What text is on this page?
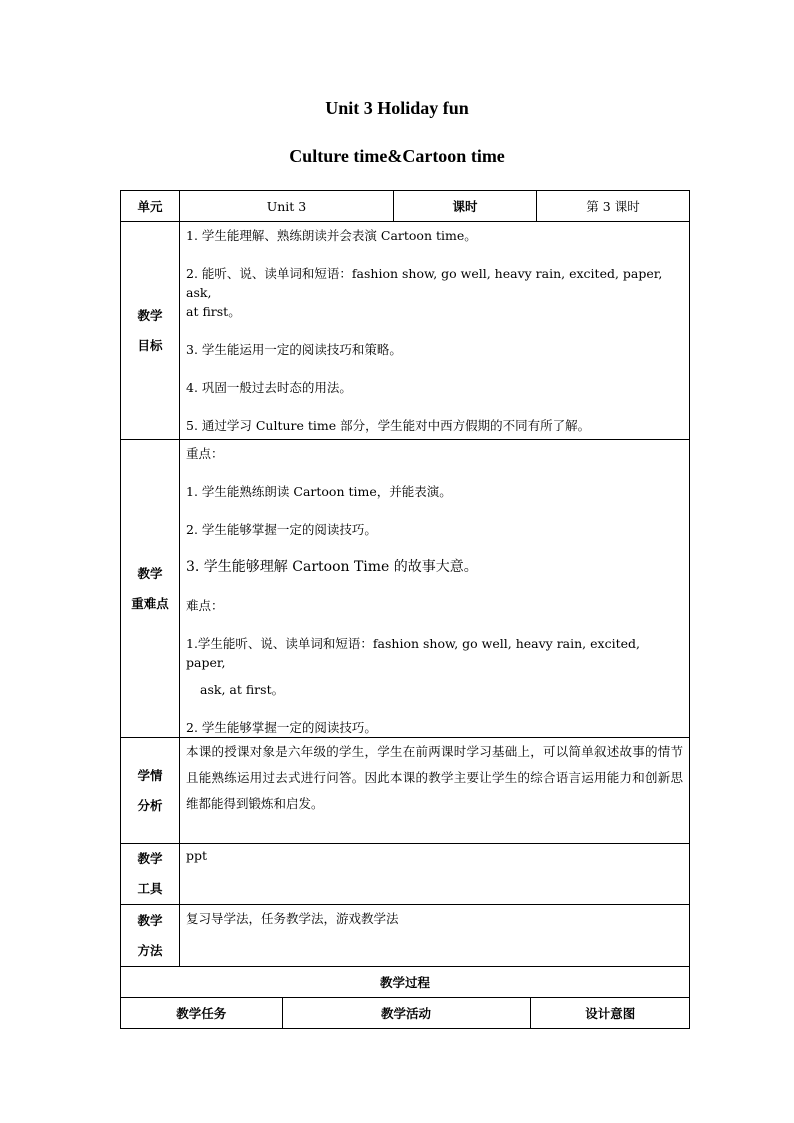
Unit 3 Holiday fun
Culture time&Cartoon time
单元	Unit 3	课时	第 3 课时

教学
目标

1. 学生能理解、熟练朗读并会表演 Cartoon time。
2. 能听、说、读单词和短语：fashion show, go well, heavy rain, excited, paper, ask,
at first。
3. 学生能运用一定的阅读技巧和策略。
4. 巩固一般过去时态的用法。
5. 通过学习 Culture time 部分，学生能对中西方假期的不同有所了解。

教学
重难点

重点：
1. 学生能熟练朗读 Cartoon time，并能表演。
2. 学生能够掌握一定的阅读技巧。
3. 学生能够理解 Cartoon Time 的故事大意。
难点：
1.学生能听、说、读单词和短语：fashion show, go well, heavy rain, excited, paper,
ask, at first。
2. 学生能够掌握一定的阅读技巧。

学情
分析

本课的授课对象是六年级的学生，学生在前两课时学习基础上，可以简单叙述故事的情节且能熟练运用过去式进行问答。因此本课的教学主要让学生的综合语言运用能力和创新思维都能得到锻炼和启发。

教学
工具

ppt

教学
方法

复习导学法，任务教学法，游戏教学法

教学过程

教学任务	教学活动	设计意图
